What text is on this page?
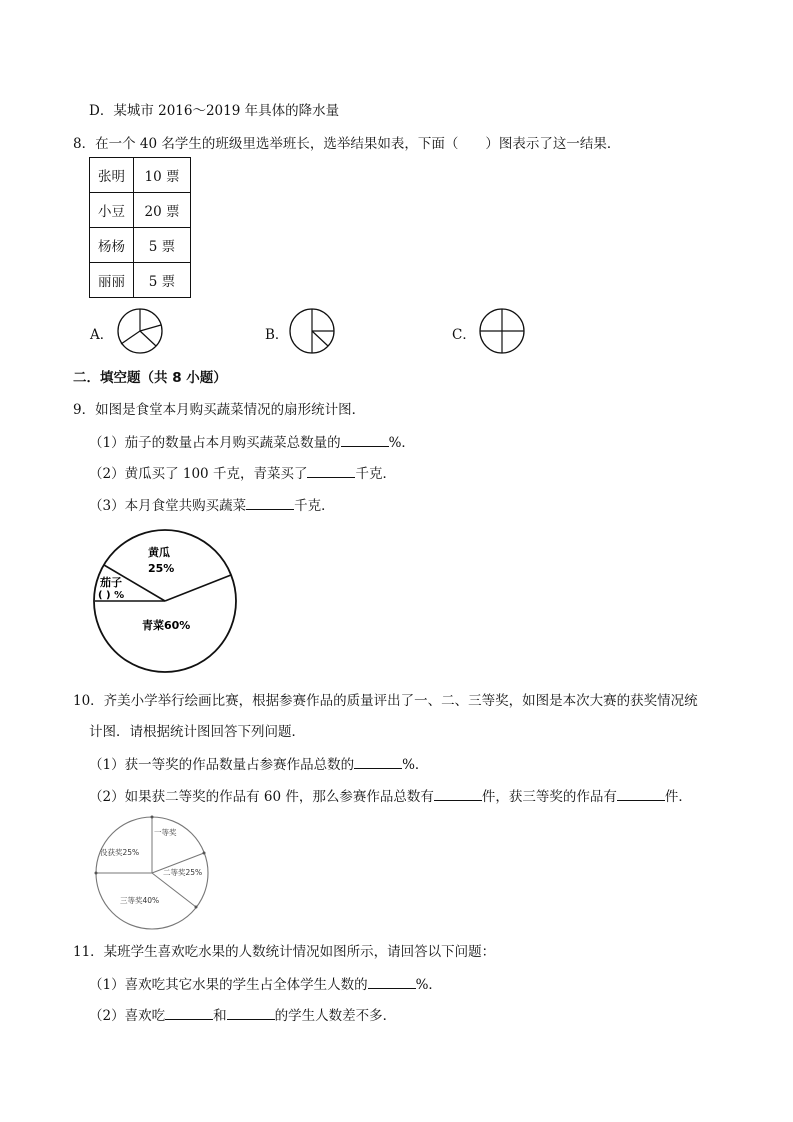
D．某城市 2016～2019 年具体的降水量
8．在一个 40 名学生的班级里选举班长，选举结果如表，下面（　　）图表示了这一结果．
张明	10 票
小豆	20 票
杨杨	5 票
丽丽	5 票
A．	B．	C．
二．填空题（共 8 小题）
9．如图是食堂本月购买蔬菜情况的扇形统计图．
（1）茄子的数量占本月购买蔬菜总数量的	%．
（2）黄瓜买了 100 千克，青菜买了	千克．
（3）本月食堂共购买蔬菜	千克．
黄瓜
25%
茄子
( ) %
青菜60%
10．齐美小学举行绘画比赛，根据参赛作品的质量评出了一、二、三等奖，如图是本次大赛的获奖情况统
计图．请根据统计图回答下列问题．
（1）获一等奖的作品数量占参赛作品总数的	%．
（2）如果获二等奖的作品有 60 件，那么参赛作品总数有	件，获三等奖的作品有	件．
一等奖
二等奖25%
三等奖40%
没获奖25%
11．某班学生喜欢吃水果的人数统计情况如图所示，请回答以下问题：
（1）喜欢吃其它水果的学生占全体学生人数的	%．
（2）喜欢吃	和	的学生人数差不多．
